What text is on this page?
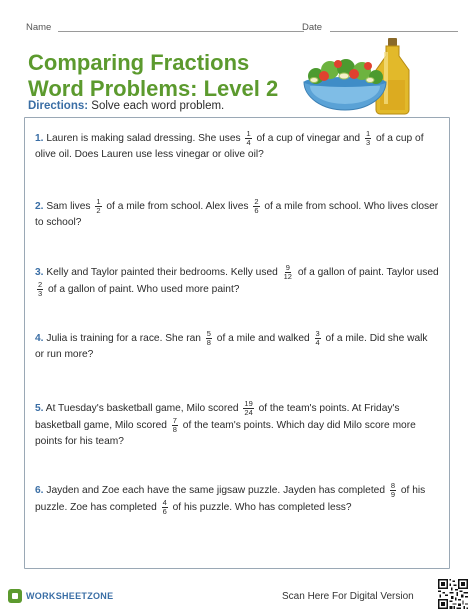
Name	Date
Comparing Fractions
Word Problems: Level 2
Directions: Solve each word problem.
1. Lauren is making salad dressing. She uses $\frac{1}{4}$ of a cup of vinegar and $\frac{1}{3}$ of a cup of olive oil. Does Lauren use less vinegar or olive oil?
2. Sam lives $\frac{1}{2}$ of a mile from school. Alex lives $\frac{2}{6}$ of a mile from school. Who lives closer to school?
3. Kelly and Taylor painted their bedrooms. Kelly used $\frac{9}{12}$ of a gallon of paint. Taylor used
$\frac{2}{3}$ of a gallon of paint. Who used more paint?
4. Julia is training for a race. She ran $\frac{5}{8}$ of a mile and walked $\frac{3}{4}$ of a mile. Did she walk or run more?
5. At Tuesday's basketball game, Milo scored $\frac{19}{24}$ of the team's points. At Friday's basketball game, Milo scored $\frac{7}{8}$ of the team's points. Which day did Milo score more points for his team?
6. Jayden and Zoe each have the same jigsaw puzzle. Jayden has completed $\frac{8}{9}$ of his puzzle. Zoe has completed $\frac{4}{6}$ of his puzzle. Who has completed less?
WORKSHEETZONE	Scan Here For Digital Version
